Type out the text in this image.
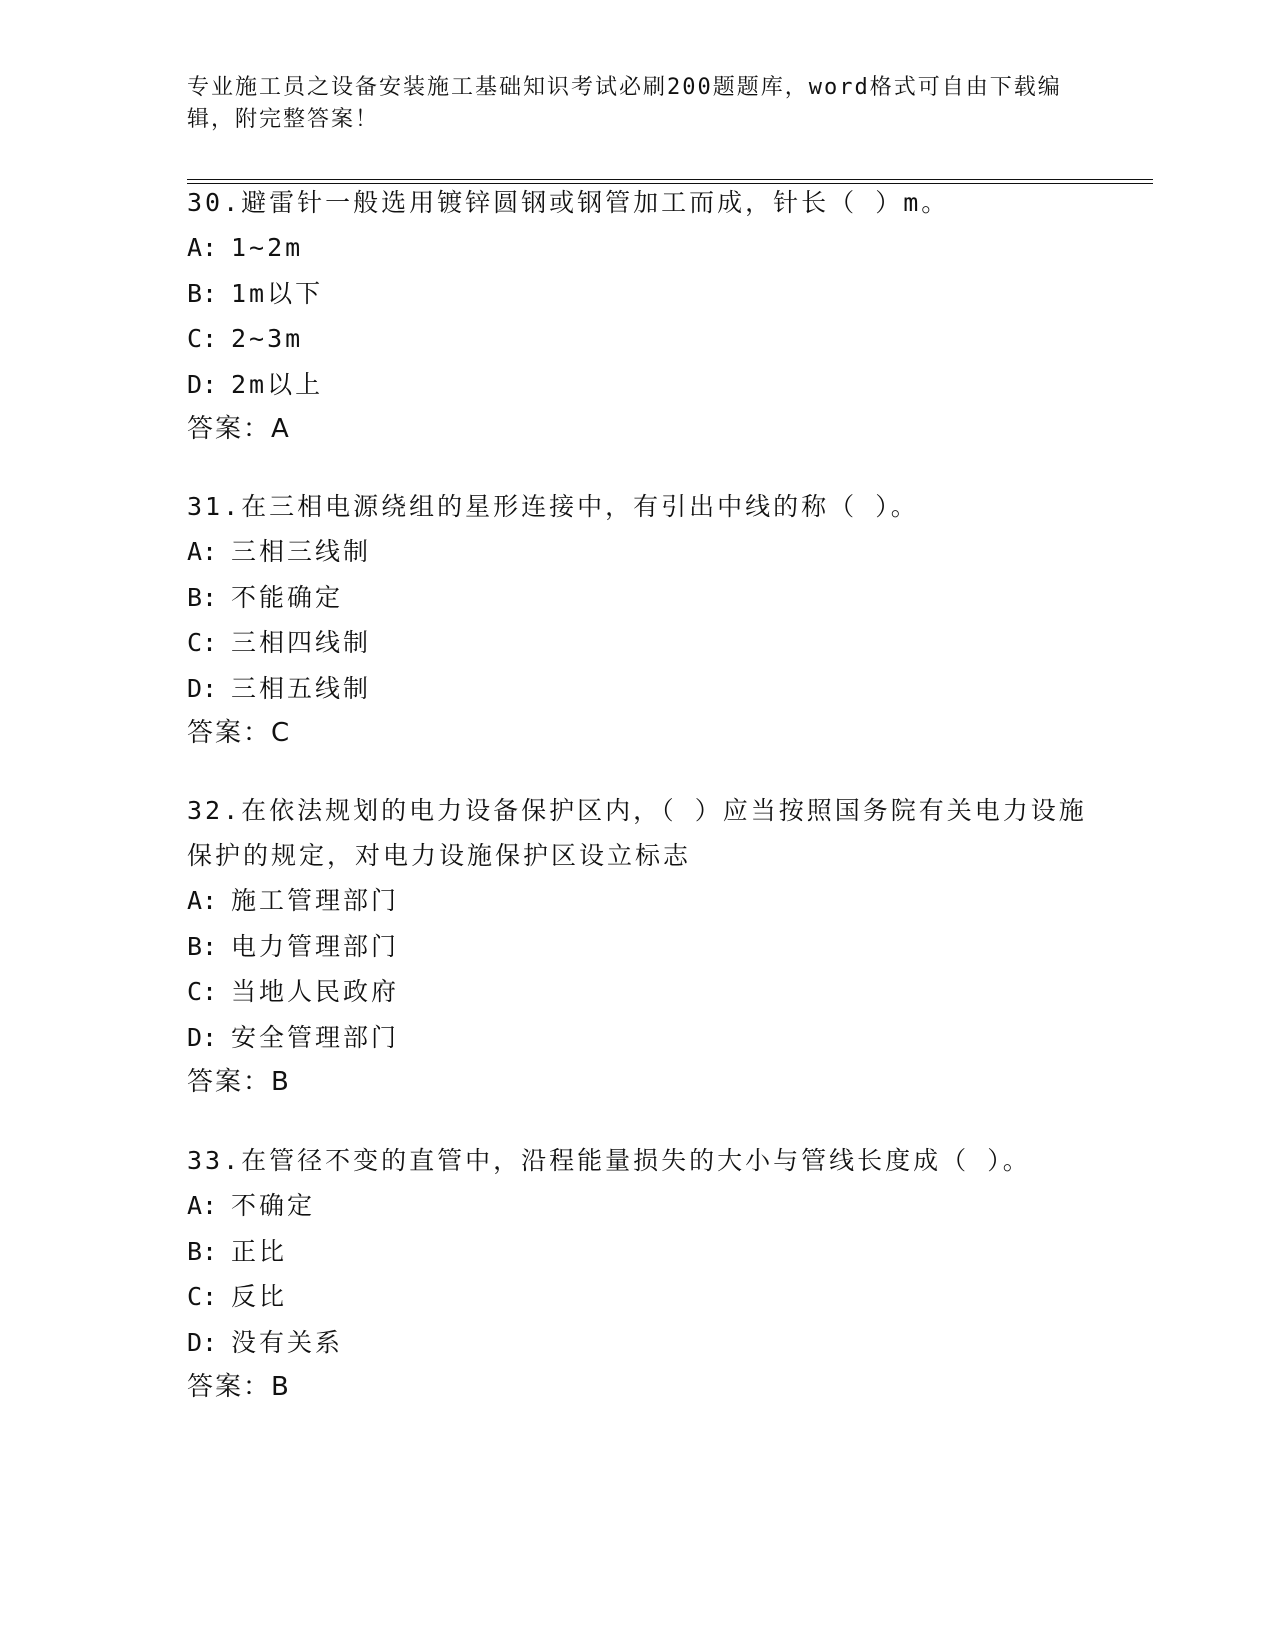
专业施工员之设备安装施工基础知识考试必刷200题题库，word格式可自由下载编辑，附完整答案！

30.避雷针一般选用镀锌圆钢或钢管加工而成，针长（ ）m。

A: 1~2m

B: 1m以下

C: 2~3m

D: 2m以上

答案：A

31.在三相电源绕组的星形连接中，有引出中线的称（ ）。

A: 三相三线制

B: 不能确定

C: 三相四线制

D: 三相五线制

答案：C

32.在依法规划的电力设备保护区内，（ ）应当按照国务院有关电力设施保护的规定，对电力设施保护区设立标志

A: 施工管理部门

B: 电力管理部门

C: 当地人民政府

D: 安全管理部门

答案：B

33.在管径不变的直管中，沿程能量损失的大小与管线长度成（ ）。

A: 不确定

B: 正比

C: 反比

D: 没有关系

答案：B
